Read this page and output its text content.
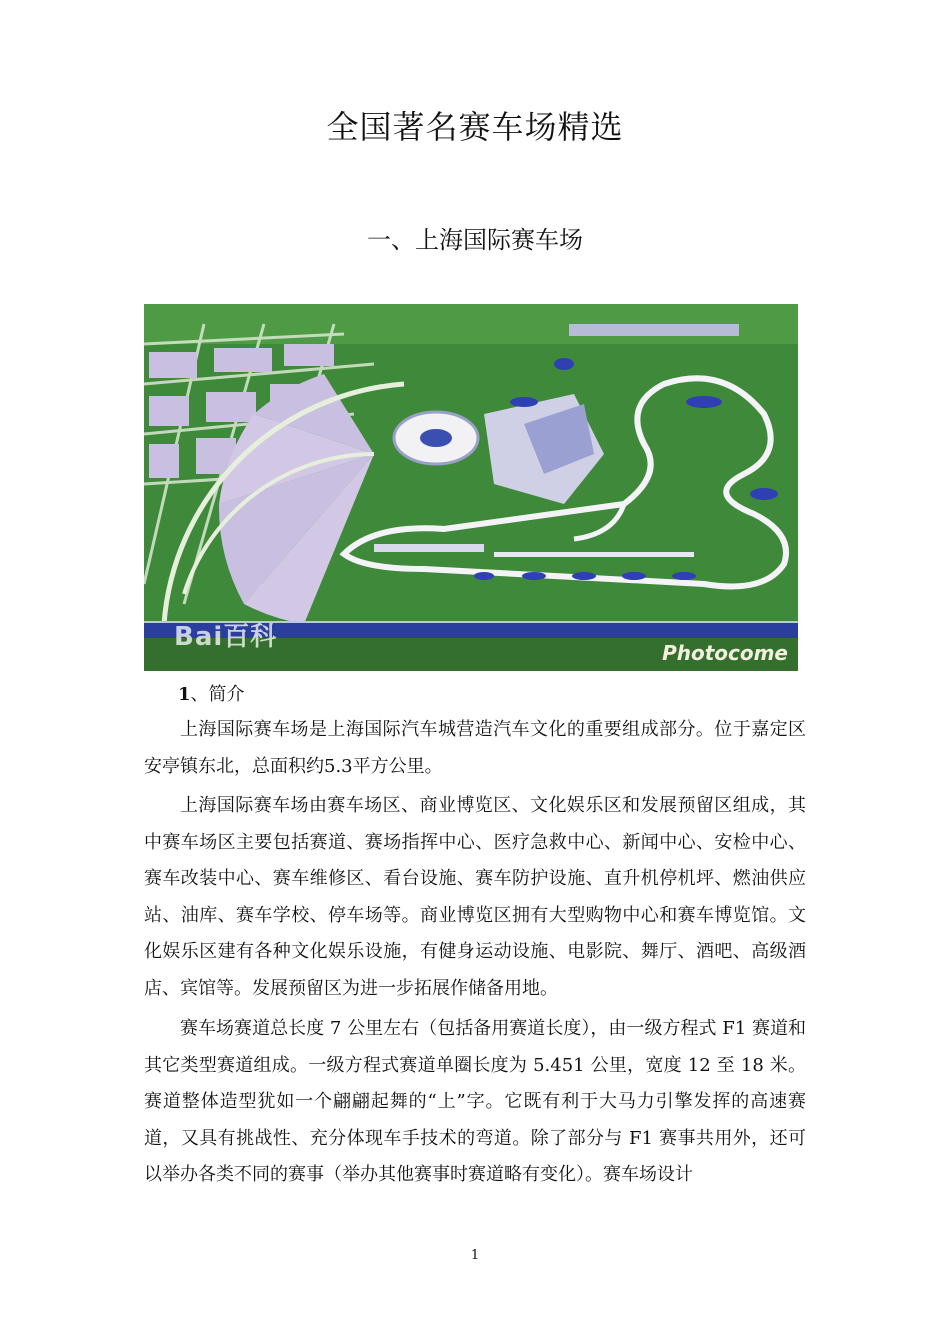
全国著名赛车场精选
一、上海国际赛车场
Bai百科
Photocome
1、简介

上海国际赛车场是上海国际汽车城营造汽车文化的重要组成部分。位于嘉定区安亭镇东北，总面积约5.3平方公里。

上海国际赛车场由赛车场区、商业博览区、文化娱乐区和发展预留区组成，其中赛车场区主要包括赛道、赛场指挥中心、医疗急救中心、新闻中心、安检中心、赛车改装中心、赛车维修区、看台设施、赛车防护设施、直升机停机坪、燃油供应站、油库、赛车学校、停车场等。商业博览区拥有大型购物中心和赛车博览馆。文化娱乐区建有各种文化娱乐设施，有健身运动设施、电影院、舞厅、酒吧、高级酒店、宾馆等。发展预留区为进一步拓展作储备用地。

赛车场赛道总长度 7 公里左右（包括备用赛道长度），由一级方程式 F1 赛道和其它类型赛道组成。一级方程式赛道单圈长度为 5.451 公里，宽度 12 至 18 米。赛道整体造型犹如一个翩翩起舞的“上”字。它既有利于大马力引擎发挥的高速赛道，又具有挑战性、充分体现车手技术的弯道。除了部分与 F1 赛事共用外，还可以举办各类不同的赛事（举办其他赛事时赛道略有变化）。赛车场设计

1
